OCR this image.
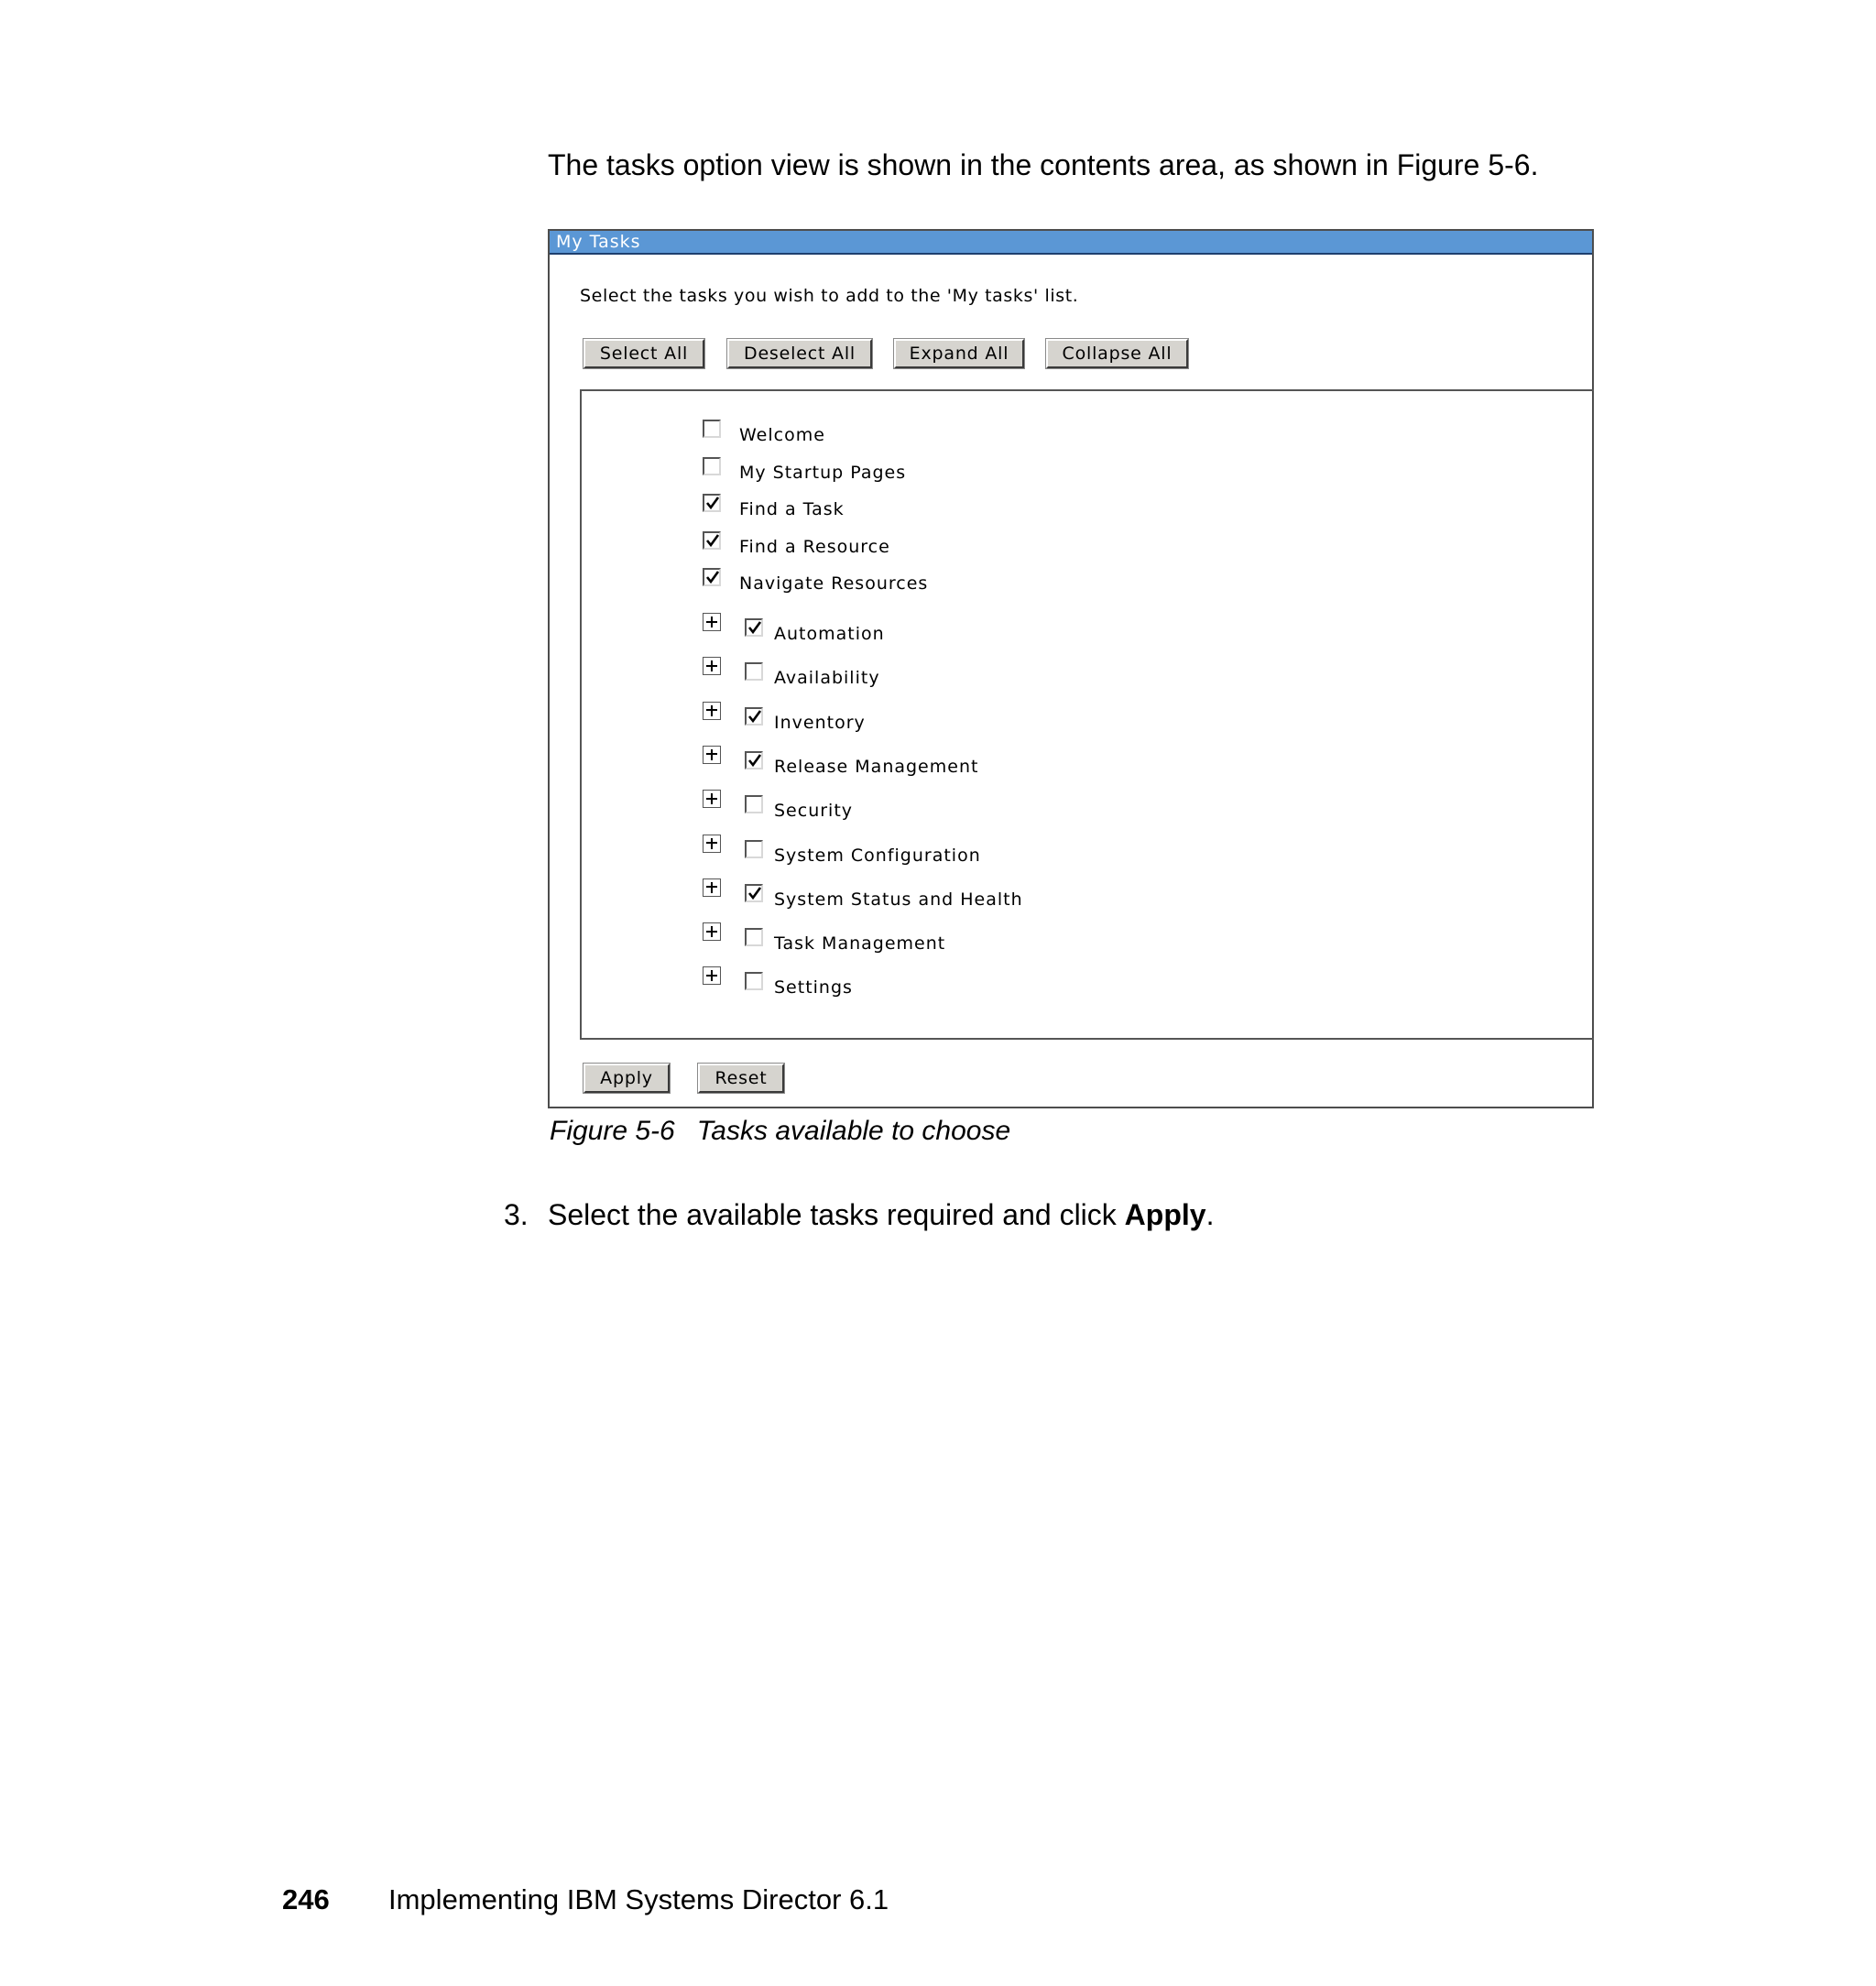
The tasks option view is shown in the contents area, as shown in Figure 5-6.
My Tasks
Select the tasks you wish to add to the 'My tasks' list.
Select All	Deselect All	Expand All	Collapse All
Welcome
My Startup Pages
Find a Task
Find a Resource
Navigate Resources
Automation
Availability
Inventory
Release Management
Security
System Configuration
System Status and Health
Task Management
Settings
Apply	Reset
Figure 5-6 Tasks available to choose
3. Select the available tasks required and click Apply.
246 Implementing IBM Systems Director 6.1
